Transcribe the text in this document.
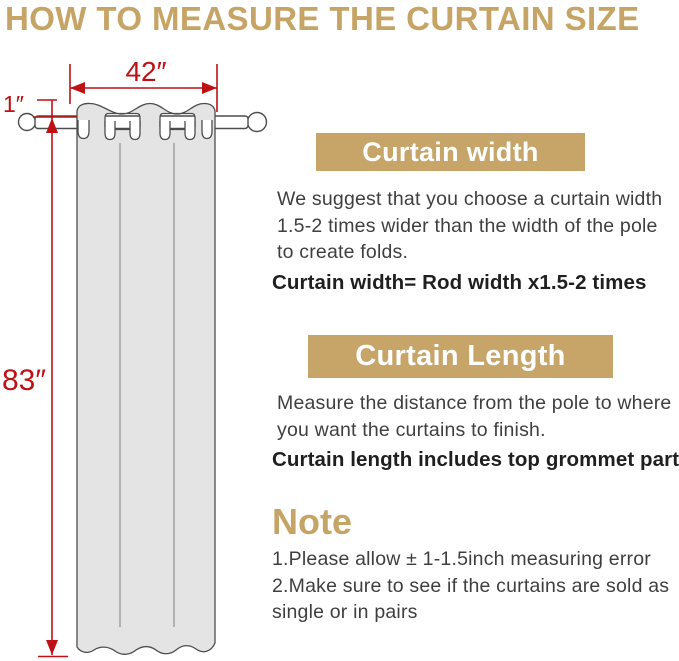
HOW TO MEASURE THE CURTAIN SIZE
42″
1″
83″
Curtain width
We suggest that you choose a curtain width 1.5-2 times wider than the width of the pole to create folds.
Curtain width= Rod width x1.5-2 times
Curtain Length
Measure the distance from the pole to where you want the curtains to finish.
Curtain length includes top grommet part
Note
1.Please allow ± 1-1.5inch measuring error
2.Make sure to see if the curtains are sold as single or in pairs
